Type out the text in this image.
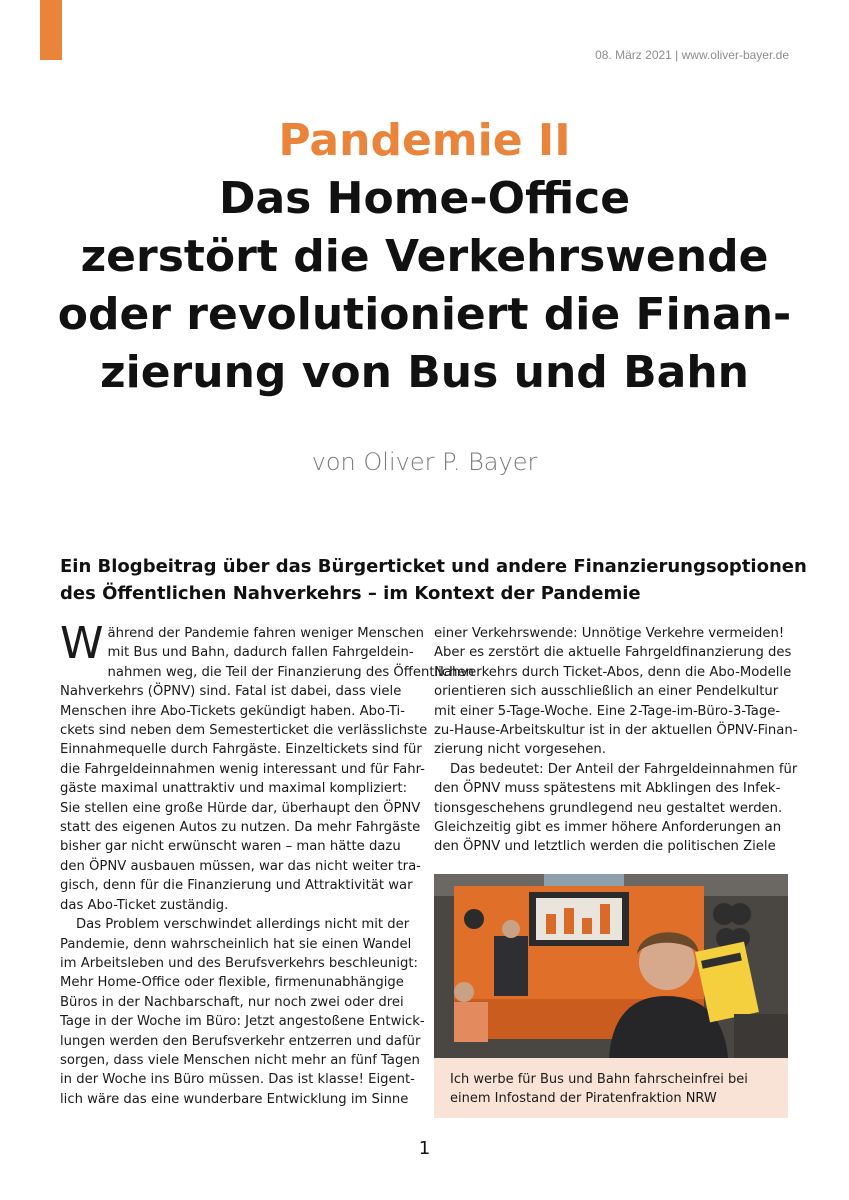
08. März 2021 | www.oliver-bayer.de
Pandemie II
Das Home-Office
zerstört die Verkehrswende
oder revolutioniert die Finan-
zierung von Bus und Bahn
von Oliver P. Bayer
Ein Blogbeitrag über das Bürgerticket und andere Finanzierungsoptionen
des Öffentlichen Nahverkehrs – im Kontext der Pandemie

W ährend der Pandemie fahren weniger Menschen
mit Bus und Bahn, dadurch fallen Fahrgeldein-
nahmen weg, die Teil der Finanzierung des Öffentlichen
Nahverkehrs (ÖPNV) sind. Fatal ist dabei, dass viele
Menschen ihre Abo-Tickets gekündigt haben. Abo-Ti-
ckets sind neben dem Semesterticket die verlässlichste
Einnahmequelle durch Fahrgäste. Einzeltickets sind für
die Fahrgeldeinnahmen wenig interessant und für Fahr-
gäste maximal unattraktiv und maximal kompliziert:
Sie stellen eine große Hürde dar, überhaupt den ÖPNV
statt des eigenen Autos zu nutzen. Da mehr Fahrgäste
bisher gar nicht erwünscht waren – man hätte dazu
den ÖPNV ausbauen müssen, war das nicht weiter tra-
gisch, denn für die Finanzierung und Attraktivität war
das Abo-Ticket zuständig.

Das Problem verschwindet allerdings nicht mit der
Pandemie, denn wahrscheinlich hat sie einen Wandel
im Arbeitsleben und des Berufsverkehrs beschleunigt:
Mehr Home-Office oder flexible, firmenunabhängige
Büros in der Nachbarschaft, nur noch zwei oder drei
Tage in der Woche im Büro: Jetzt angestoßene Entwick-
lungen werden den Berufsverkehr entzerren und dafür
sorgen, dass viele Menschen nicht mehr an fünf Tagen
in der Woche ins Büro müssen. Das ist klasse! Eigent-
lich wäre das eine wunderbare Entwicklung im Sinne

einer Verkehrswende: Unnötige Verkehre vermeiden!
Aber es zerstört die aktuelle Fahrgeldfinanzierung des
Nahverkehrs durch Ticket-Abos, denn die Abo-Modelle
orientieren sich ausschließlich an einer Pendelkultur
mit einer 5-Tage-Woche. Eine 2-Tage-im-Büro-3-Tage-
zu-Hause-Arbeitskultur ist in der aktuellen ÖPNV-Finan-
zierung nicht vorgesehen.

Das bedeutet: Der Anteil der Fahrgeldeinnahmen für
den ÖPNV muss spätestens mit Abklingen des Infek-
tionsgeschehens grundlegend neu gestaltet werden.
Gleichzeitig gibt es immer höhere Anforderungen an
den ÖPNV und letztlich werden die politischen Ziele

Ich werbe für Bus und Bahn fahrscheinfrei bei
einem Infostand der Piratenfraktion NRW
1
